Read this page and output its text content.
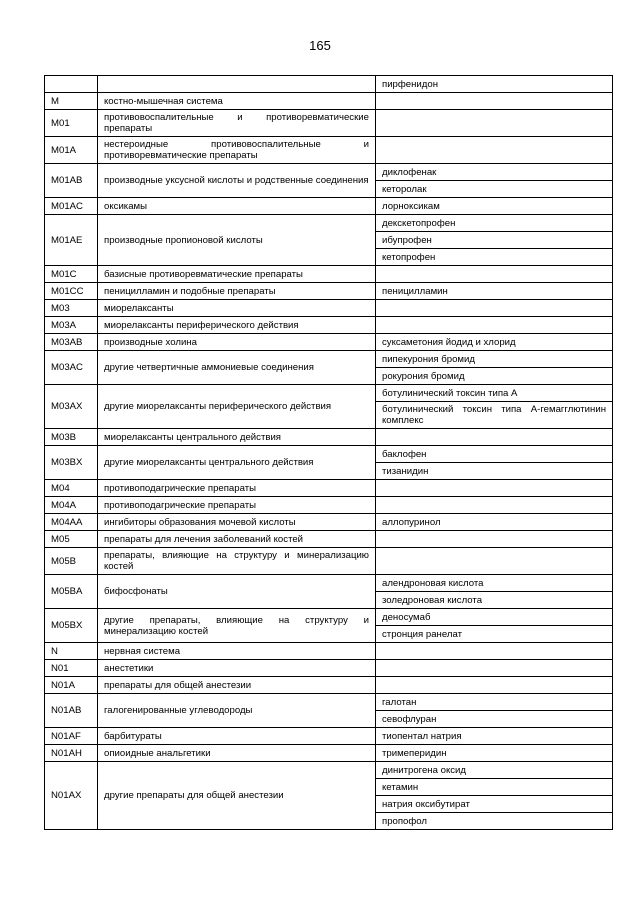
165
		пирфенидон
M	костно-мышечная система	
M01	противовоспалительные и противоревматические препараты	
M01A	нестероидные противовоспалительные и противоревматические препараты	
M01AB	производные уксусной кислоты и родственные соединения	диклофенак
		кеторолак
M01AC	оксикамы	лорноксикам
M01AE	производные пропионовой кислоты	декскетопрофен
		ибупрофен
		кетопрофен
M01C	базисные противоревматические препараты	
M01CC	пеницилламин и подобные препараты	пеницилламин
M03	миорелаксанты	
M03A	миорелаксанты периферического действия	
M03AB	производные холина	суксаметония йодид и хлорид
M03AC	другие четвертичные аммониевые соединения	пипекурония бромид
		рокурония бромид
M03AX	другие миорелаксанты периферического действия	ботулинический токсин типа А
		ботулинический токсин типа А-гемагглютинин комплекс
M03B	миорелаксанты центрального действия	
M03BX	другие миорелаксанты центрального действия	баклофен
		тизанидин
M04	противоподагрические препараты	
M04A	противоподагрические препараты	
M04AA	ингибиторы образования мочевой кислоты	аллопуринол
M05	препараты для лечения заболеваний костей	
M05B	препараты, влияющие на структуру и минерализацию костей	
M05BA	бифосфонаты	алендроновая кислота
		золедроновая кислота
M05BX	другие препараты, влияющие на структуру и минерализацию костей	деносумаб
		стронция ранелат
N	нервная система	
N01	анестетики	
N01A	препараты для общей анестезии	
N01AB	галогенированные углеводороды	галотан
		севофлуран
N01AF	барбитураты	тиопентал натрия
N01AH	опиоидные анальгетики	тримеперидин
N01AX	другие препараты для общей анестезии	динитрогена оксид
		кетамин
		натрия оксибутират
		пропофол
